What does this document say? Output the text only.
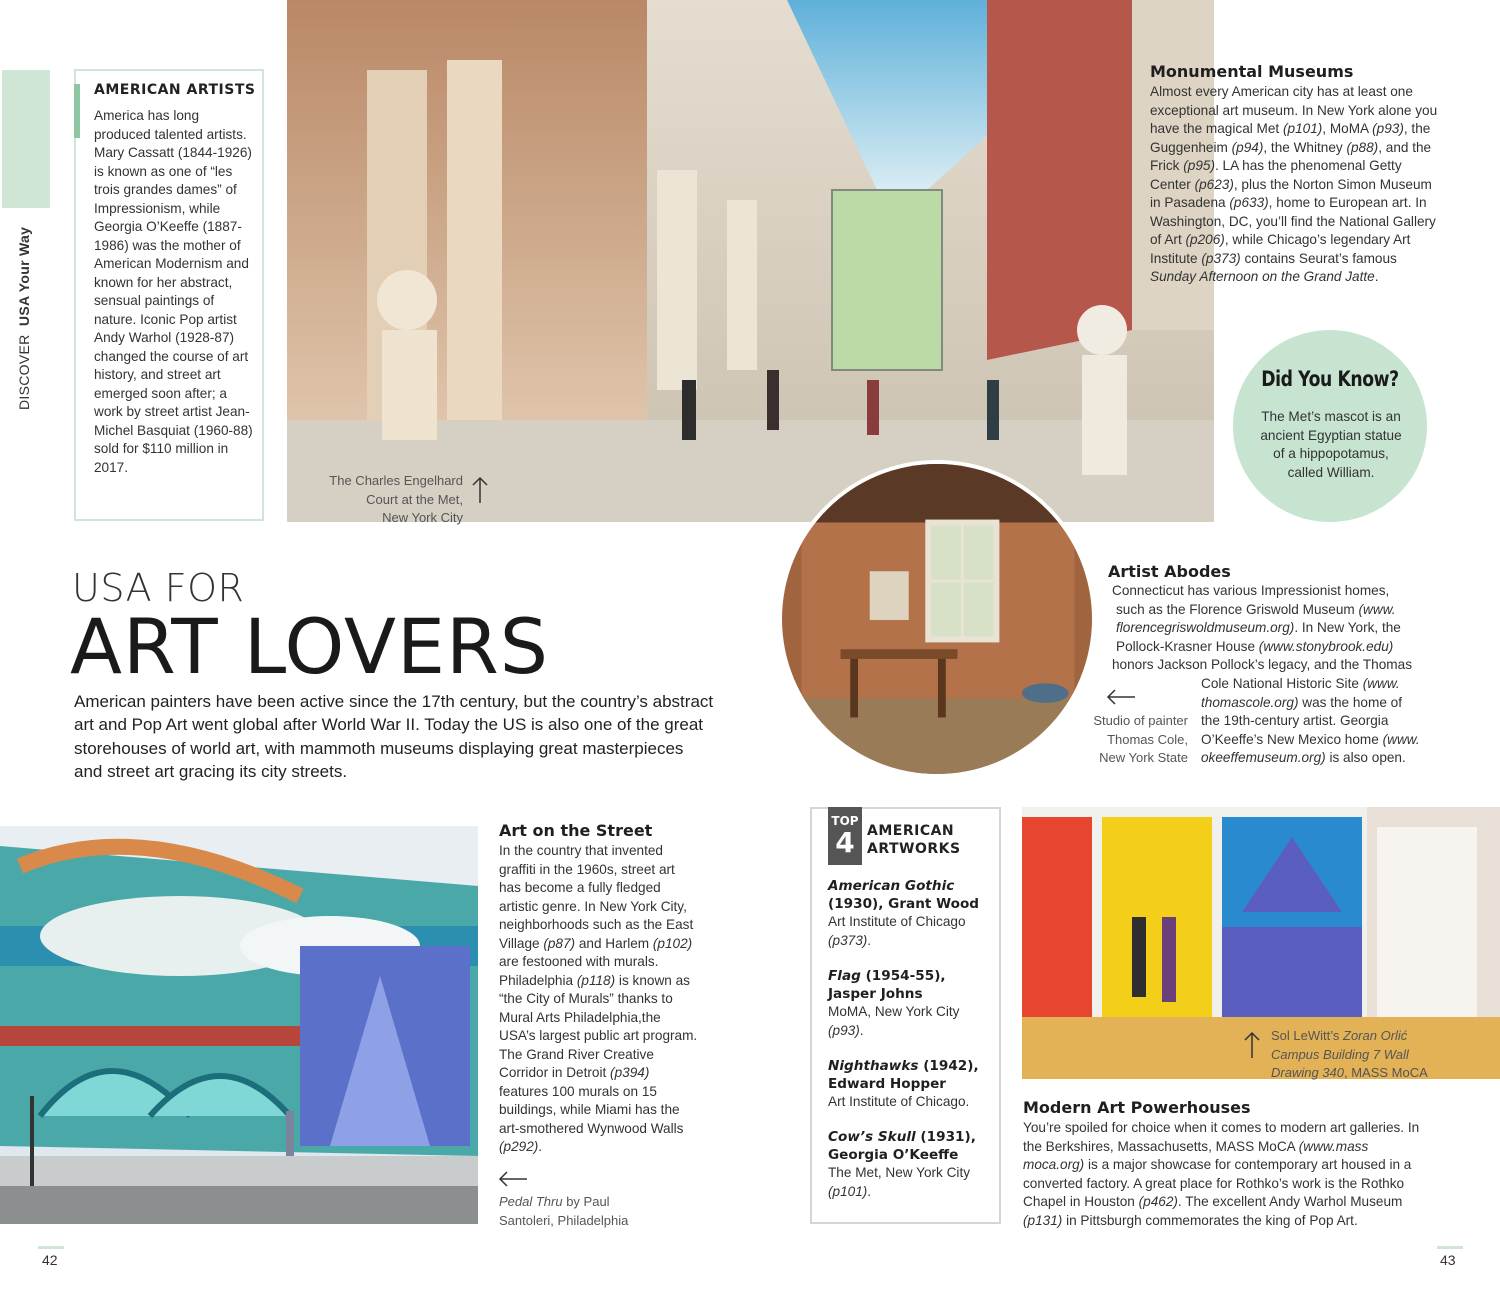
DISCOVER  USA Your Way
AMERICAN ARTISTS
America has long produced talented artists. Mary Cassatt (1844-1926) is known as one of “les trois grandes dames” of Impressionism, while Georgia O’Keeffe (1887-1986) was the mother of American Modernism and known for her abstract, sensual paintings of nature. Iconic Pop artist Andy Warhol (1928-87) changed the course of art history, and street art emerged soon after; a work by street artist Jean-Michel Basquiat (1960-88) sold for $110 million in 2017.
The Charles Engelhard
Court at the Met,
New York City
Monumental Museums
Almost every American city has at least one exceptional art museum. In New York alone you have the magical Met (p101), MoMA (p93), the Guggenheim (p94), the Whitney (p88), and the Frick (p95). LA has the phenomenal Getty Center (p623), plus the Norton Simon Museum in Pasadena (p633), home to European art. In Washington, DC, you’ll find the National Gallery of Art (p206), while Chicago’s legendary Art Institute (p373) contains Seurat’s famous Sunday Afternoon on the Grand Jatte.
Did You Know?
The Met’s mascot is an ancient Egyptian statue of a hippopotamus, called William.
Studio of painter
Thomas Cole,
New York State
Artist Abodes
Connecticut has various Impressionist homes,
such as the Florence Griswold Museum (www.
florencegriswoldmuseum.org). In New York, the
Pollock-Krasner House (www.stonybrook.edu)
honors Jackson Pollock’s legacy, and the Thomas
Cole National Historic Site (www.
thomascole.org) was the home of
the 19th-century artist. Georgia
O’Keeffe’s New Mexico home (www.
okeeffemuseum.org) is also open.
USA FOR
ART LOVERS
American painters have been active since the 17th century, but the country’s abstract art and Pop Art went global after World War II. Today the US is also one of the great storehouses of world art, with mammoth museums displaying great masterpieces and street art gracing its city streets.
Art on the Street
In the country that invented graffiti in the 1960s, street art has become a fully fledged artistic genre. In New York City, neighborhoods such as the East Village (p87) and Harlem (p102) are festooned with murals. Philadelphia (p118) is known as “the City of Murals” thanks to Mural Arts Philadelphia,the USA’s largest public art program. The Grand River Creative Corridor in Detroit (p394) features 100 murals on 15 buildings, while Miami has the art-smothered Wynwood Walls (p292).
Pedal Thru by Paul
Santoleri, Philadelphia
TOP
4 AMERICAN
ARTWORKS
American Gothic (1930), Grant Wood
Art Institute of Chicago (p373).
Flag (1954-55), Jasper Johns
MoMA, New York City (p93).
Nighthawks (1942), Edward Hopper
Art Institute of Chicago.
Cow’s Skull (1931), Georgia O’Keeffe
The Met, New York City (p101).
Sol LeWitt’s Zoran Orlić
Campus Building 7 Wall
Drawing 340, MASS MoCA
Modern Art Powerhouses
You’re spoiled for choice when it comes to modern art galleries. In the Berkshires, Massachusetts, MASS MoCA (www.mass moca.org) is a major showcase for contemporary art housed in a converted factory. A great place for Rothko’s work is the Rothko Chapel in Houston (p462). The excellent Andy Warhol Museum (p131) in Pittsburgh commemorates the king of Pop Art.
42	43
